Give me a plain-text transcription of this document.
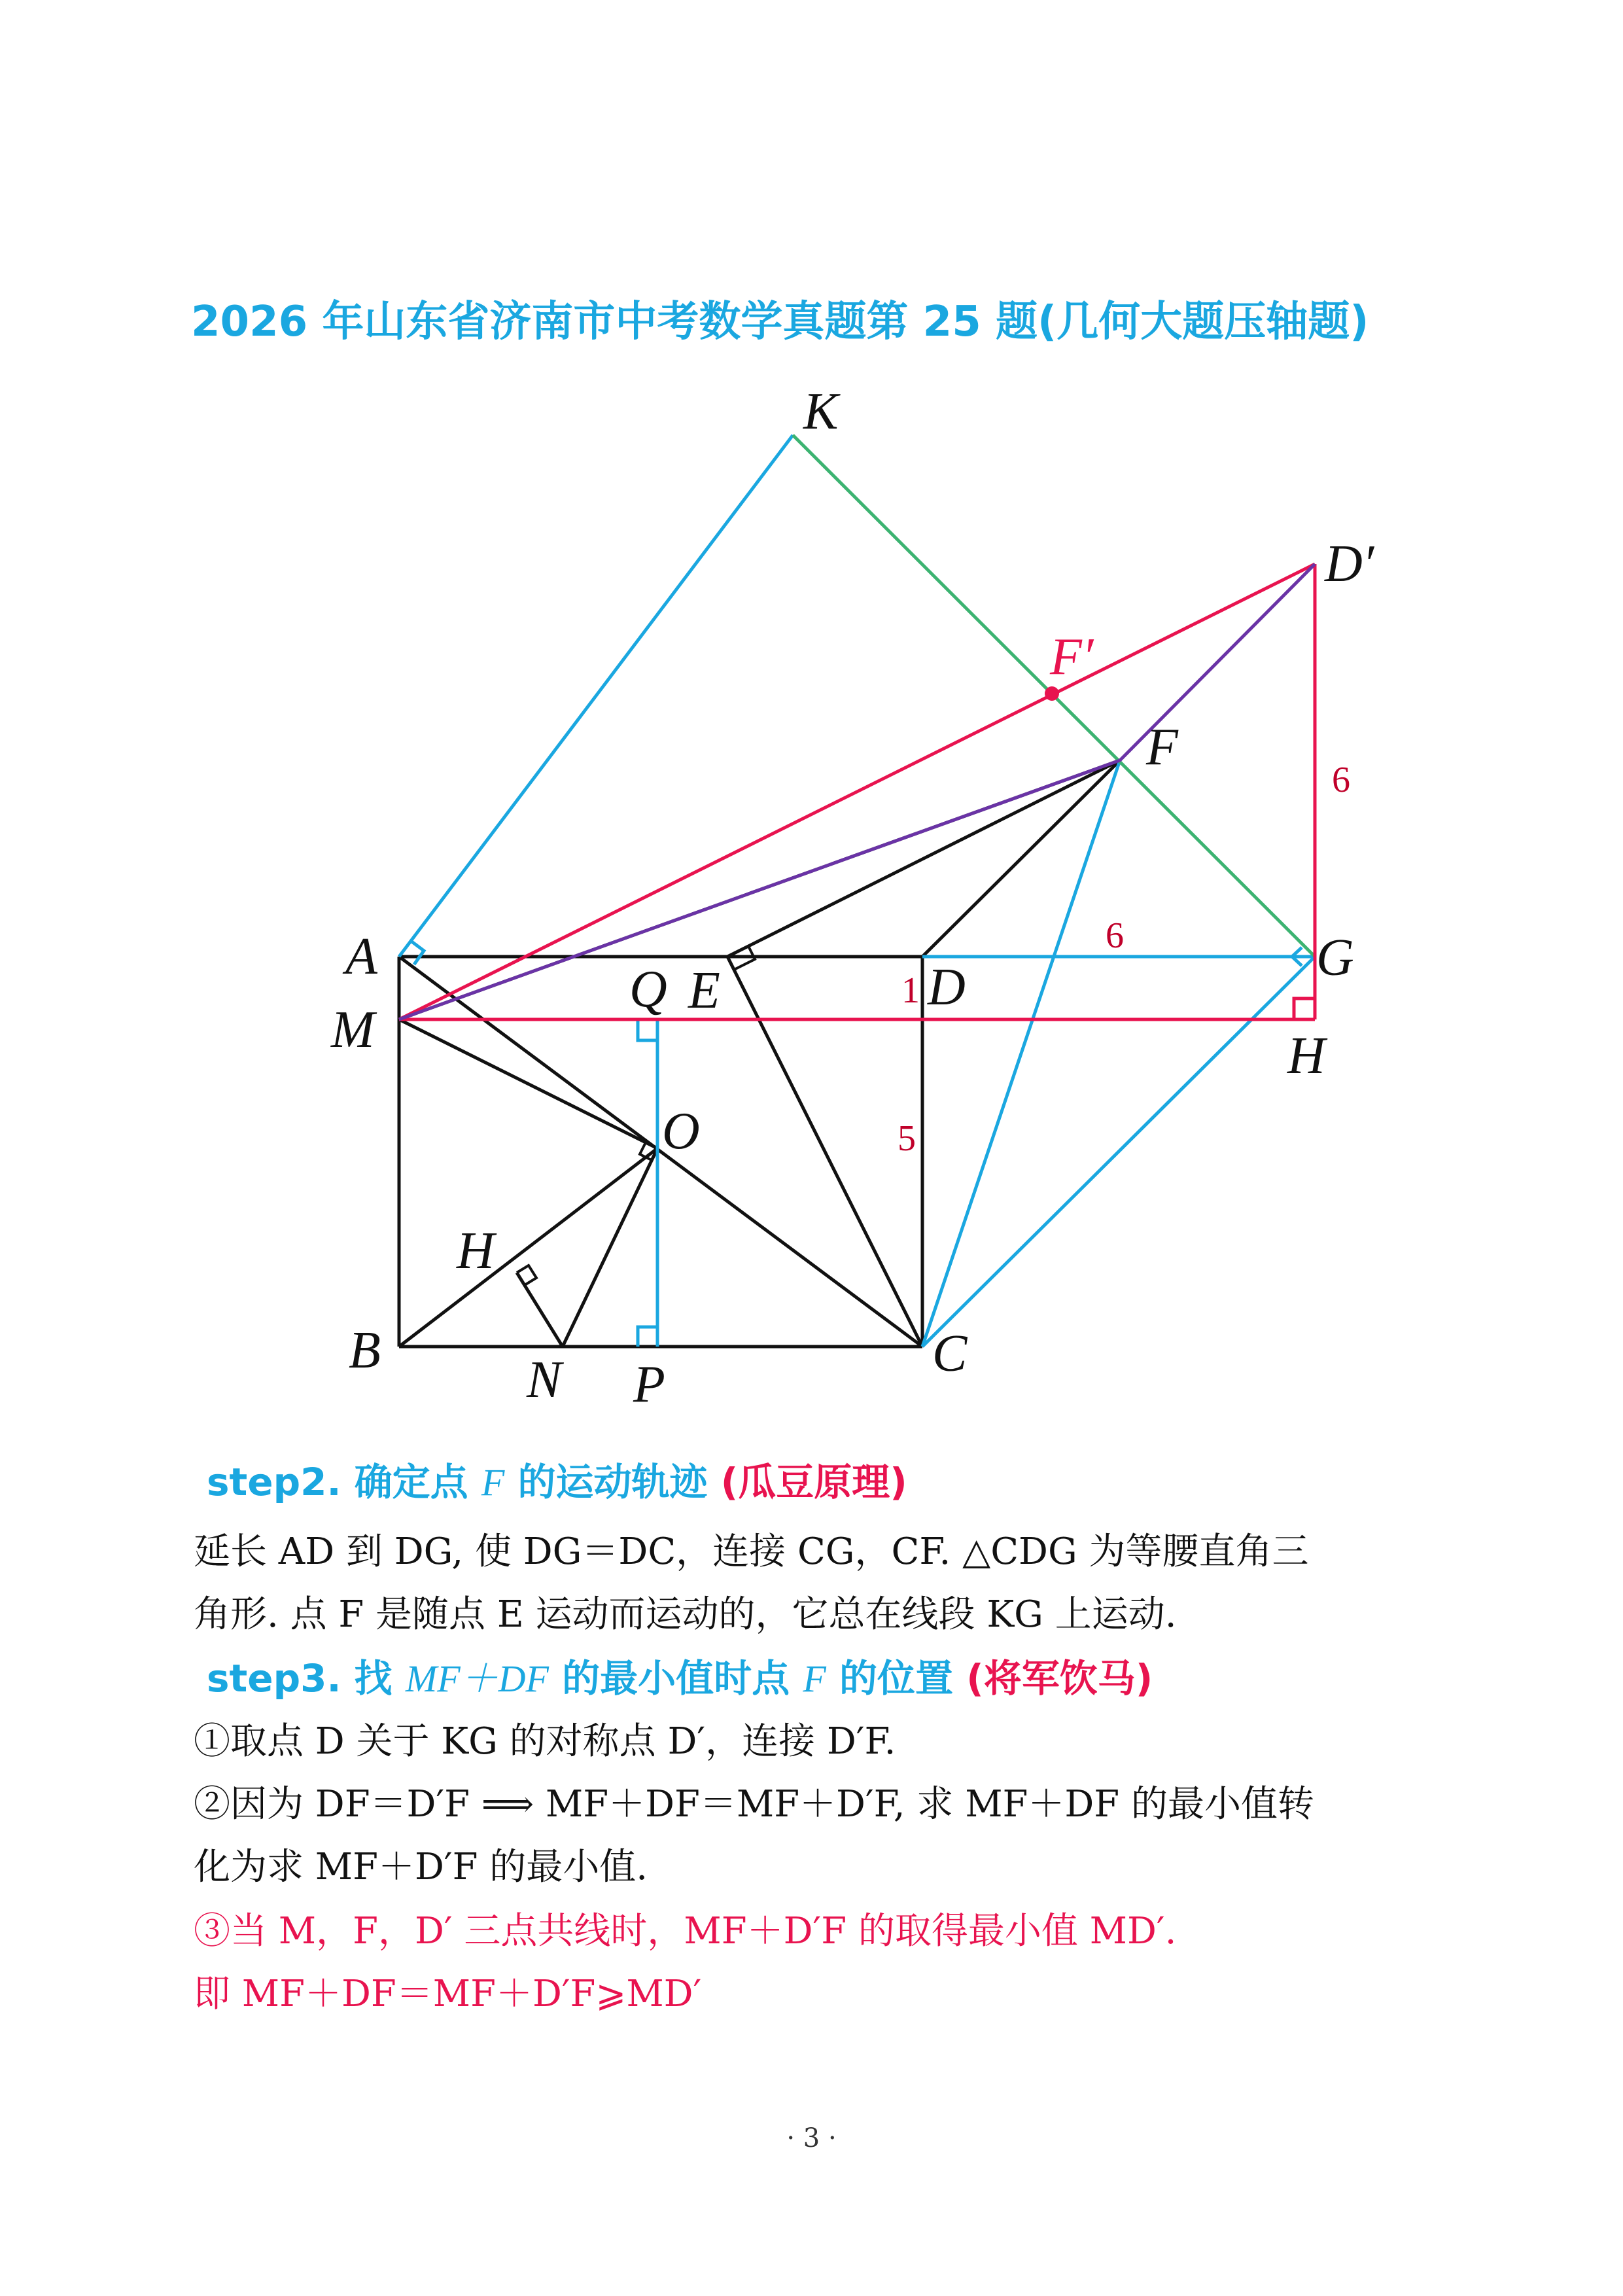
2026 年山东省济南市中考数学真题第 25 题(几何大题压轴题)
K
D′
F′
F
A
Q E	D
G
M	H
O
H
B
N P
C
6
6
1
5
step2. 确定点 F 的运动轨迹 (瓜豆原理)
延长 AD 到 DG, 使 DG＝DC，连接 CG，CF. △CDG 为等腰直角三
角形. 点 F 是随点 E 运动而运动的，它总在线段 KG 上运动.
step3. 找 MF＋DF 的最小值时点 F 的位置 (将军饮马)
①取点 D 关于 KG 的对称点 D′，连接 D′F.
②因为 DF＝D′F ⟹ MF＋DF＝MF＋D′F, 求 MF＋DF 的最小值转
化为求 MF＋D′F 的最小值.
③当 M，F，D′ 三点共线时，MF＋D′F 的取得最小值 MD′.
即 MF＋DF＝MF＋D′F⩾MD′
· 3 ·
